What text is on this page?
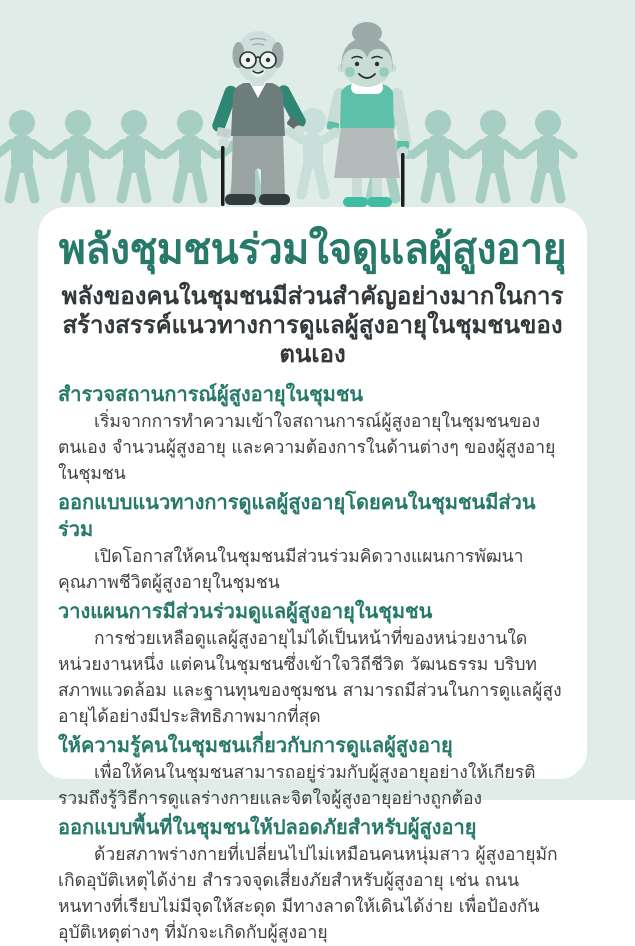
พลังชุมชนร่วมใจดูแลผู้สูงอายุ
พลังของคนในชุมชนมีส่วนสำคัญอย่างมากในการ
สร้างสรรค์แนวทางการดูแลผู้สูงอายุในชุมชนของตนเอง
สำรวจสถานการณ์ผู้สูงอายุในชุมชน

เริ่มจากการทำความเข้าใจสถานการณ์ผู้สูงอายุในชุมชนของตนเอง จำนวนผู้สูงอายุ และความต้องการในด้านต่างๆ ของผู้สูงอายุในชุมชน

ออกแบบแนวทางการดูแลผู้สูงอายุโดยคนในชุมชนมีส่วนร่วม

เปิดโอกาสให้คนในชุมชนมีส่วนร่วมคิดวางแผนการพัฒนาคุณภาพชีวิตผู้สูงอายุในชุมชน

วางแผนการมีส่วนร่วมดูแลผู้สูงอายุในชุมชน

การช่วยเหลือดูแลผู้สูงอายุไม่ได้เป็นหน้าที่ของหน่วยงานใดหน่วยงานหนึ่ง แต่คนในชุมชนซึ่งเข้าใจวิถีชีวิต วัฒนธรรม บริบท สภาพแวดล้อม และฐานทุนของชุมชน สามารถมีส่วนในการดูแลผู้สูงอายุได้อย่างมีประสิทธิภาพมากที่สุด

ให้ความรู้คนในชุมชนเกี่ยวกับการดูแลผู้สูงอายุ

เพื่อให้คนในชุมชนสามารถอยู่ร่วมกับผู้สูงอายุอย่างให้เกียรติ รวมถึงรู้วิธีการดูแลร่างกายและจิตใจผู้สูงอายุอย่างถูกต้อง

ออกแบบพื้นที่ในชุมชนให้ปลอดภัยสำหรับผู้สูงอายุ

ด้วยสภาพร่างกายที่เปลี่ยนไปไม่เหมือนคนหนุ่มสาว ผู้สูงอายุมักเกิดอุบัติเหตุได้ง่าย สำรวจจุดเสี่ยงภัยสำหรับผู้สูงอายุ เช่น ถนนหนทางที่เรียบไม่มีจุดให้สะดุด มีทางลาดให้เดินได้ง่าย เพื่อป้องกันอุบัติเหตุต่างๆ ที่มักจะเกิดกับผู้สูงอายุ
